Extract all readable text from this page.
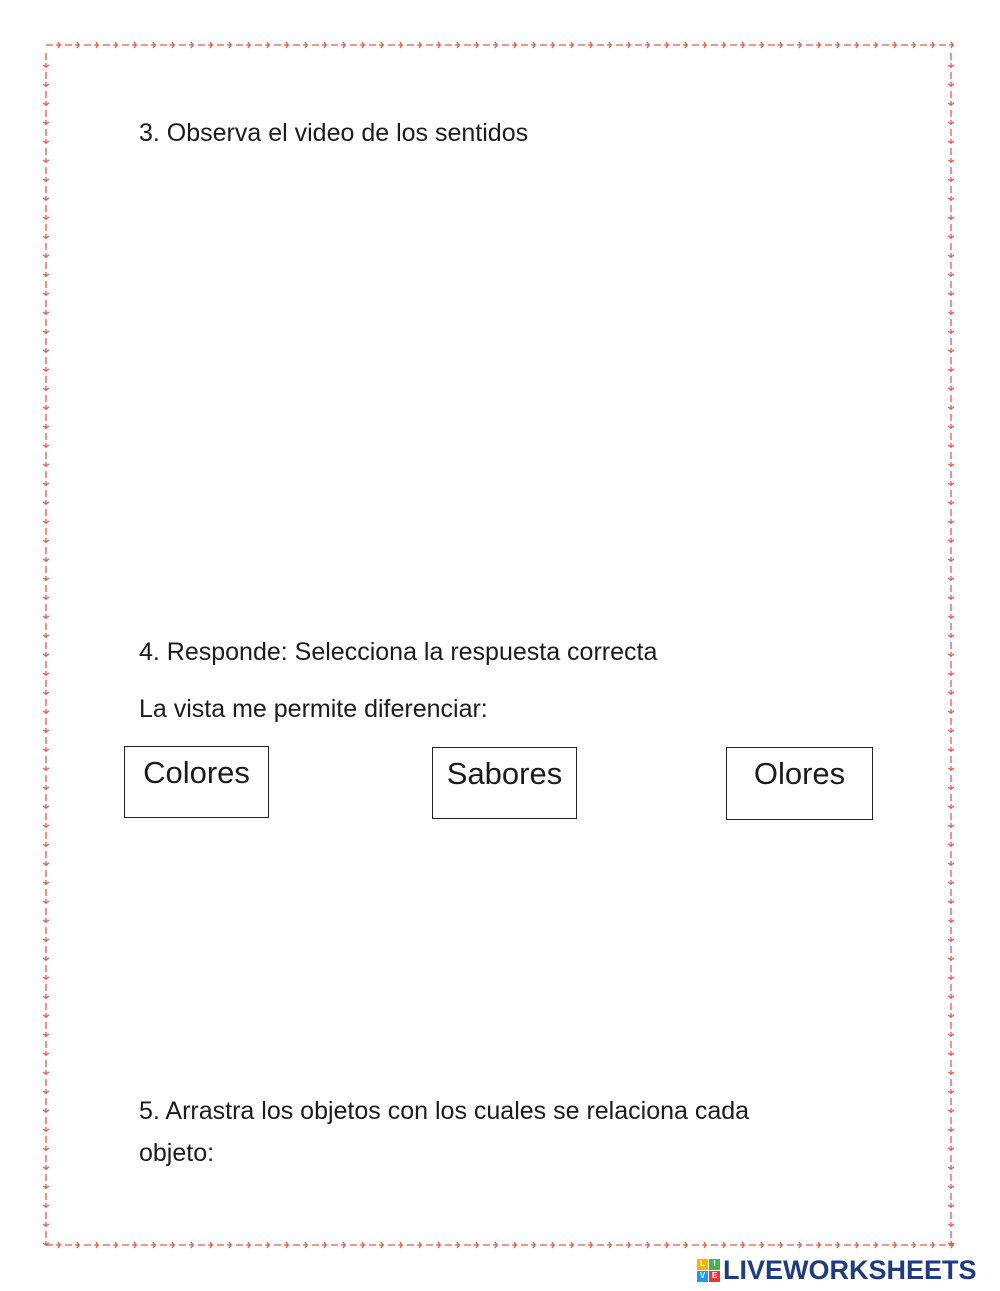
3. Observa el video de los sentidos

4. Responde: Selecciona la respuesta correcta

La vista me permite diferenciar:

Colores	Sabores	Olores

5. Arrastra los objetos con los cuales se relaciona cada

objeto:

L	I
V E LIVEWORKSHEETS
